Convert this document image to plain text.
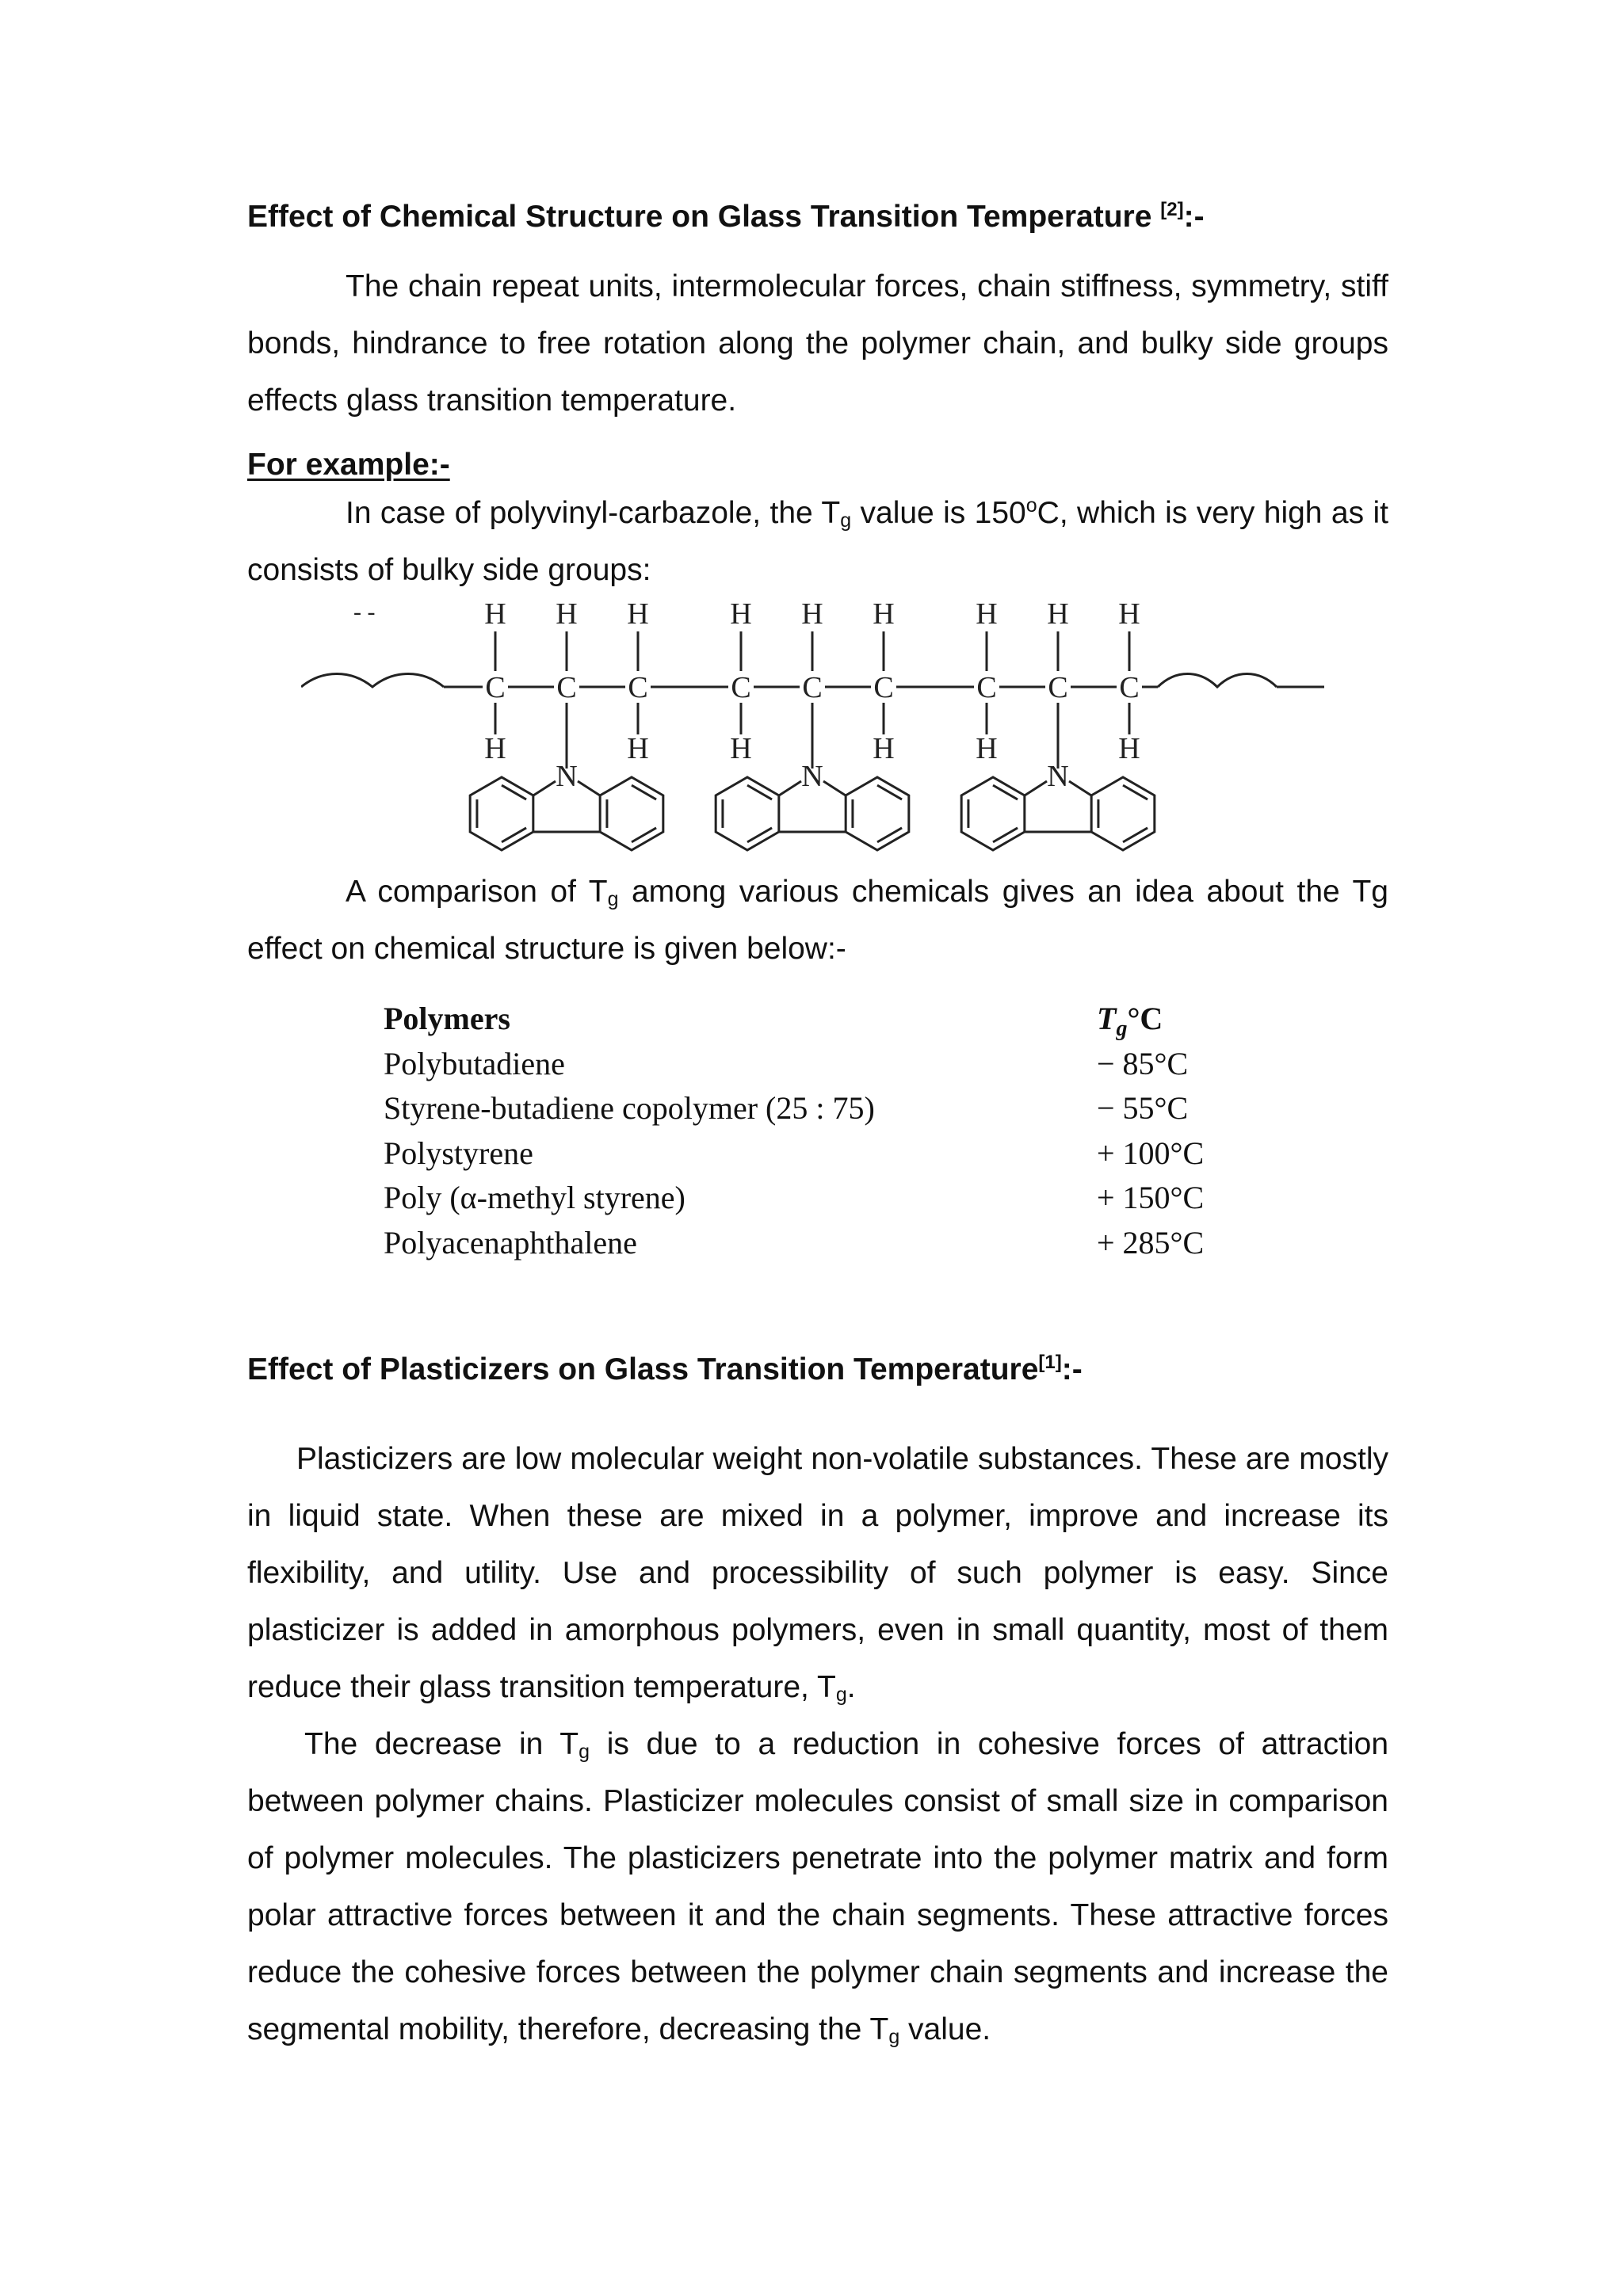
Effect of Chemical Structure on Glass Transition Temperature [2]:-

The chain repeat units, intermolecular forces, chain stiffness, symmetry, stiff bonds, hindrance to free rotation along the polymer chain, and bulky side groups effects glass transition temperature.

For example:-

In case of polyvinyl-carbazole, the $T_g$ value is 150$^o$C, which is very high as it consists of bulky side groups:

C
H
H
C
H
N
C
H
H
C
H
H
C
H
N
C
H
H
C
H
H
C
H
N
C
H
H
‑ ‑

A comparison of $T_g$ among various chemicals gives an idea about the Tg effect on chemical structure is given below:-

Polymers	$T_g^\circ C$
Polybutadiene	− 85°C
Styrene-butadiene copolymer (25 : 75)	− 55°C
Polystyrene	+ 100°C
Poly (α-methyl styrene)	+ 150°C
Polyacenaphthalene	+ 285°C
Effect of Plasticizers on Glass Transition Temperature[1]:-

Plasticizers are low molecular weight non-volatile substances. These are mostly in liquid state. When these are mixed in a polymer, improve and increase its flexibility, and utility. Use and processibility of such polymer is easy. Since plasticizer is added in amorphous polymers, even in small quantity, most of them reduce their glass transition temperature, $T_g$.

The decrease in $T_g$ is due to a reduction in cohesive forces of attraction between polymer chains. Plasticizer molecules consist of small size in comparison of polymer molecules. The plasticizers penetrate into the polymer matrix and form polar attractive forces between it and the chain segments. These attractive forces reduce the cohesive forces between the polymer chain segments and increase the segmental mobility, therefore, decreasing the $T_g$ value.
